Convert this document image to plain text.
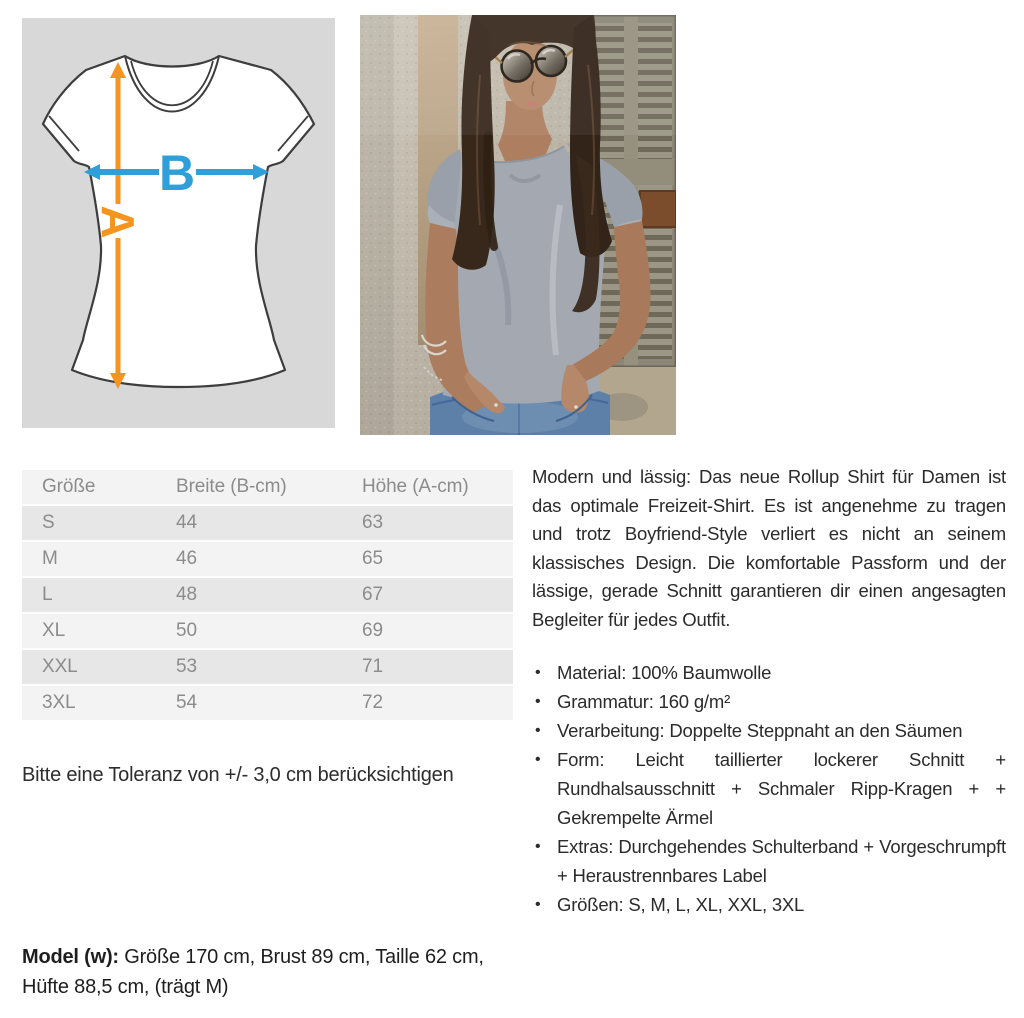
A
B
Größe	Breite (B-cm)	Höhe (A-cm)
S	44	63
M	46	65
L	48	67
XL	50	69
XXL	53	71
3XL	54	72
Bitte eine Toleranz von +/- 3,0 cm berücksichtigen
Modern und lässig: Das neue Rollup Shirt für Damen ist das optimale Freizeit-Shirt. Es ist angenehme zu tragen und trotz Boyfriend-Style verliert es nicht an seinem klassisches Design. Die komfortable Passform und der lässige, gerade Schnitt garantieren dir einen angesagten Begleiter für jedes Outfit.
• Material: 100% Baumwolle
• Grammatur: 160 g/m²
• Verarbeitung: Doppelte Steppnaht an den Säumen
• Form: Leicht taillierter lockerer Schnitt + Rundhalsausschnitt + Schmaler Ripp-Kragen + + Gekrempelte Ärmel
• Extras: Durchgehendes Schulterband + Vorgeschrumpft + Heraustrennbares Label
• Größen: S, M, L, XL, XXL, 3XL
Model (w): Größe 170 cm, Brust 89 cm, Taille 62 cm, Hüfte 88,5 cm, (trägt M)
